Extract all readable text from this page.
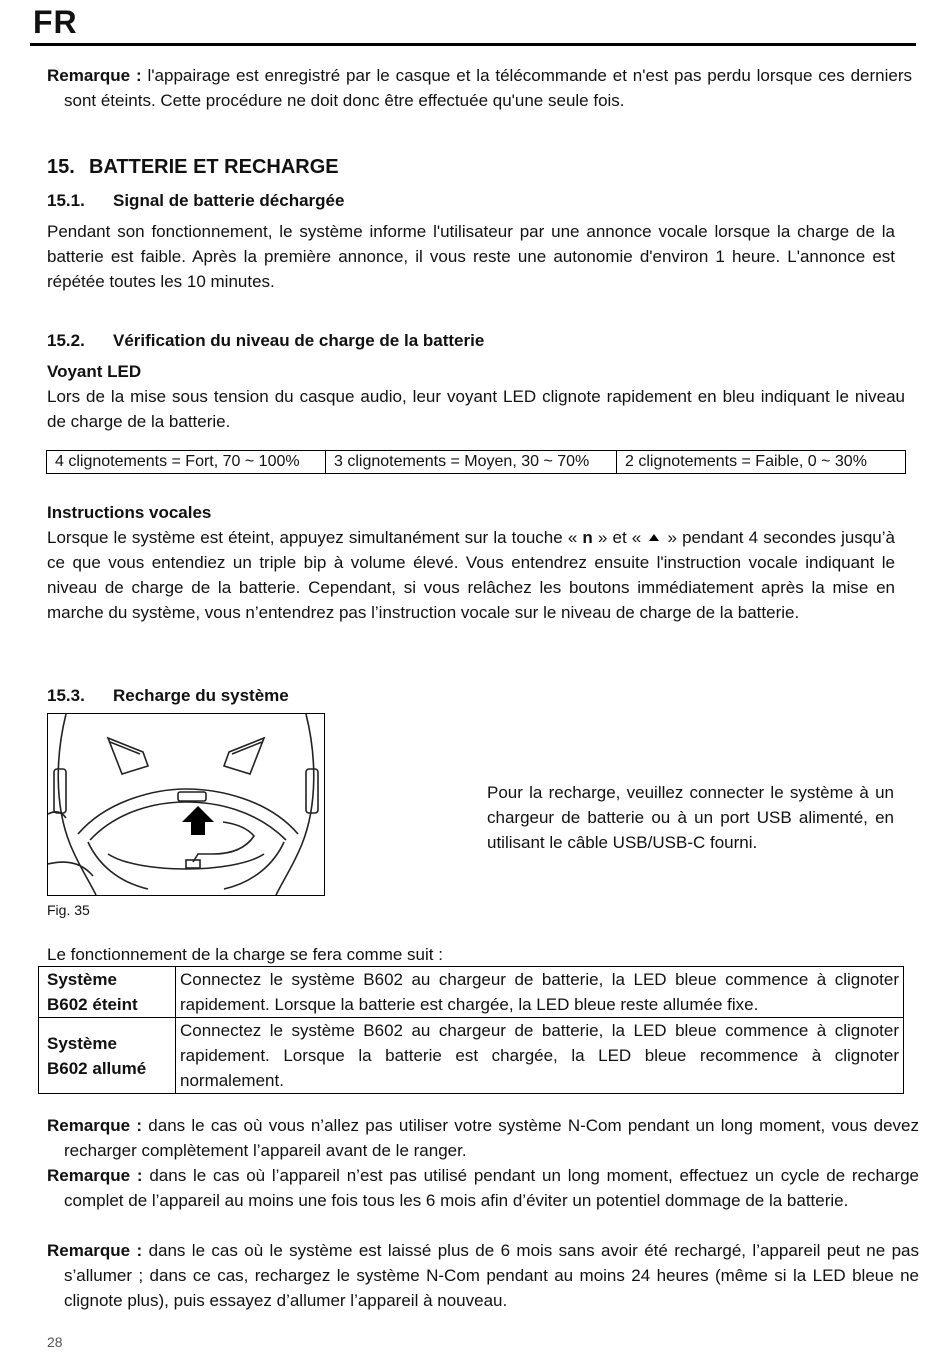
FR
Remarque : l'appairage est enregistré par le casque et la télécommande et n'est pas perdu lorsque ces derniers sont éteints. Cette procédure ne doit donc être effectuée qu'une seule fois.
15. BATTERIE ET RECHARGE
15.1. Signal de batterie déchargée
Pendant son fonctionnement, le système informe l'utilisateur par une annonce vocale lorsque la charge de la batterie est faible. Après la première annonce, il vous reste une autonomie d'environ 1 heure. L'annonce est répétée toutes les 10 minutes.
15.2. Vérification du niveau de charge de la batterie
Voyant LED
Lors de la mise sous tension du casque audio, leur voyant LED clignote rapidement en bleu indiquant le niveau de charge de la batterie.
4 clignotements = Fort, 70 ~ 100%	3 clignotements = Moyen, 30 ~ 70%	2 clignotements = Faible, 0 ~ 30%
Instructions vocales
Lorsque le système est éteint, appuyez simultanément sur la touche « n » et « » pendant 4 secondes jusqu’à ce que vous entendiez un triple bip à volume élevé. Vous entendrez ensuite l'instruction vocale indiquant le niveau de charge de la batterie. Cependant, si vous relâchez les boutons immédiatement après la mise en marche du système, vous n’entendrez pas l’instruction vocale sur le niveau de charge de la batterie.
15.3. Recharge du système
Fig. 35
Pour la recharge, veuillez connecter le système à un chargeur de batterie ou à un port USB alimenté, en utilisant le câble USB/USB-C fourni.
Le fonctionnement de la charge se fera comme suit :
Système
B602 éteint	Connectez le système B602 au chargeur de batterie, la LED bleue commence à clignoter rapidement. Lorsque la batterie est chargée, la LED bleue reste allumée fixe.

Système
B602 allumé	Connectez le système B602 au chargeur de batterie, la LED bleue commence à clignoter rapidement. Lorsque la batterie est chargée, la LED bleue recommence à clignoter normalement.
Remarque : dans le cas où vous n’allez pas utiliser votre système N-Com pendant un long moment, vous devez recharger complètement l’appareil avant de le ranger.
Remarque : dans le cas où l’appareil n’est pas utilisé pendant un long moment, effectuez un cycle de recharge complet de l’appareil au moins une fois tous les 6 mois afin d’éviter un potentiel dommage de la batterie.
Remarque : dans le cas où le système est laissé plus de 6 mois sans avoir été rechargé, l’appareil peut ne pas s’allumer ; dans ce cas, rechargez le système N-Com pendant au moins 24 heures (même si la LED bleue ne clignote plus), puis essayez d’allumer l’appareil à nouveau.
28
